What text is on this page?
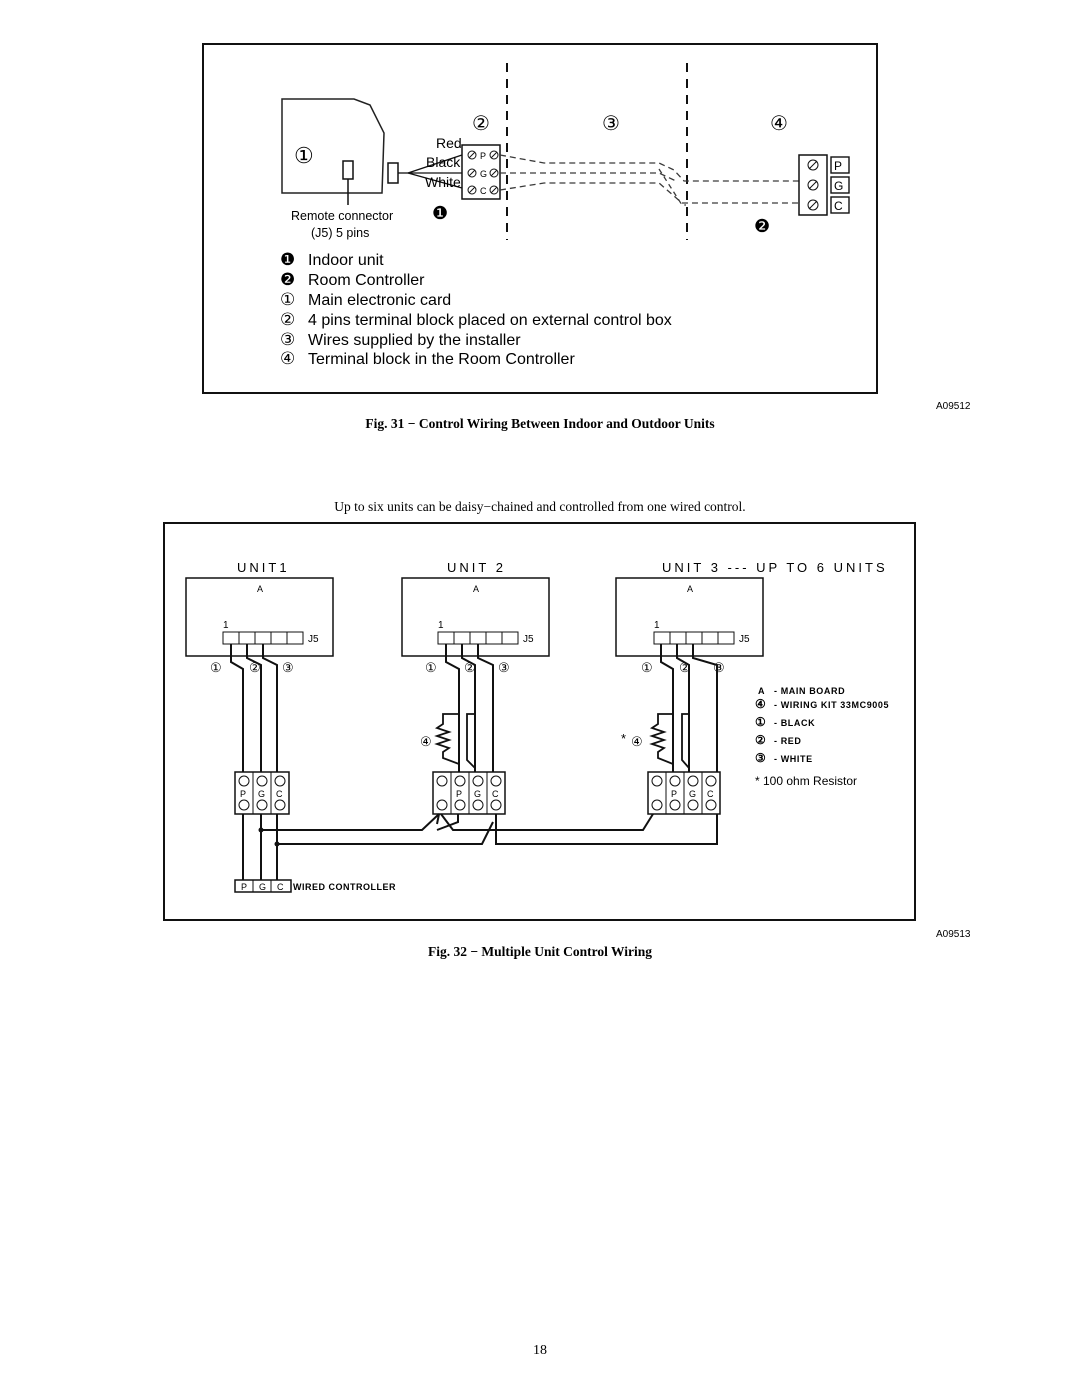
①
②	③	④
Red
Black
White
P
G
C
P
G
C
❶
❷
Remote connector
(J5) 5 pins
❶ Indoor unit
❷ Room Controller
① Main electronic card
② 4 pins terminal block placed on external control box
③ Wires supplied by the installer
④ Terminal block in the Room Controller
A09512
Fig. 31 − Control Wiring Between Indoor and Outdoor Units
Up to six units can be daisy−chained and controlled from one wired control.
UNIT1	UNIT 2	UNIT 3 --- UP TO 6 UNITS
A
1
J5
① ② ③
P G C
A
1
J5
① ② ③
④
P G C
A
1
J5
① ② ③
* ④
P G C
P G C WIRED CONTROLLER
A - MAIN BOARD
④ - WIRING KIT 33MC9005
① - BLACK
② - RED
③ - WHITE
* 100 ohm Resistor
A09513
Fig. 32 − Multiple Unit Control Wiring
18
